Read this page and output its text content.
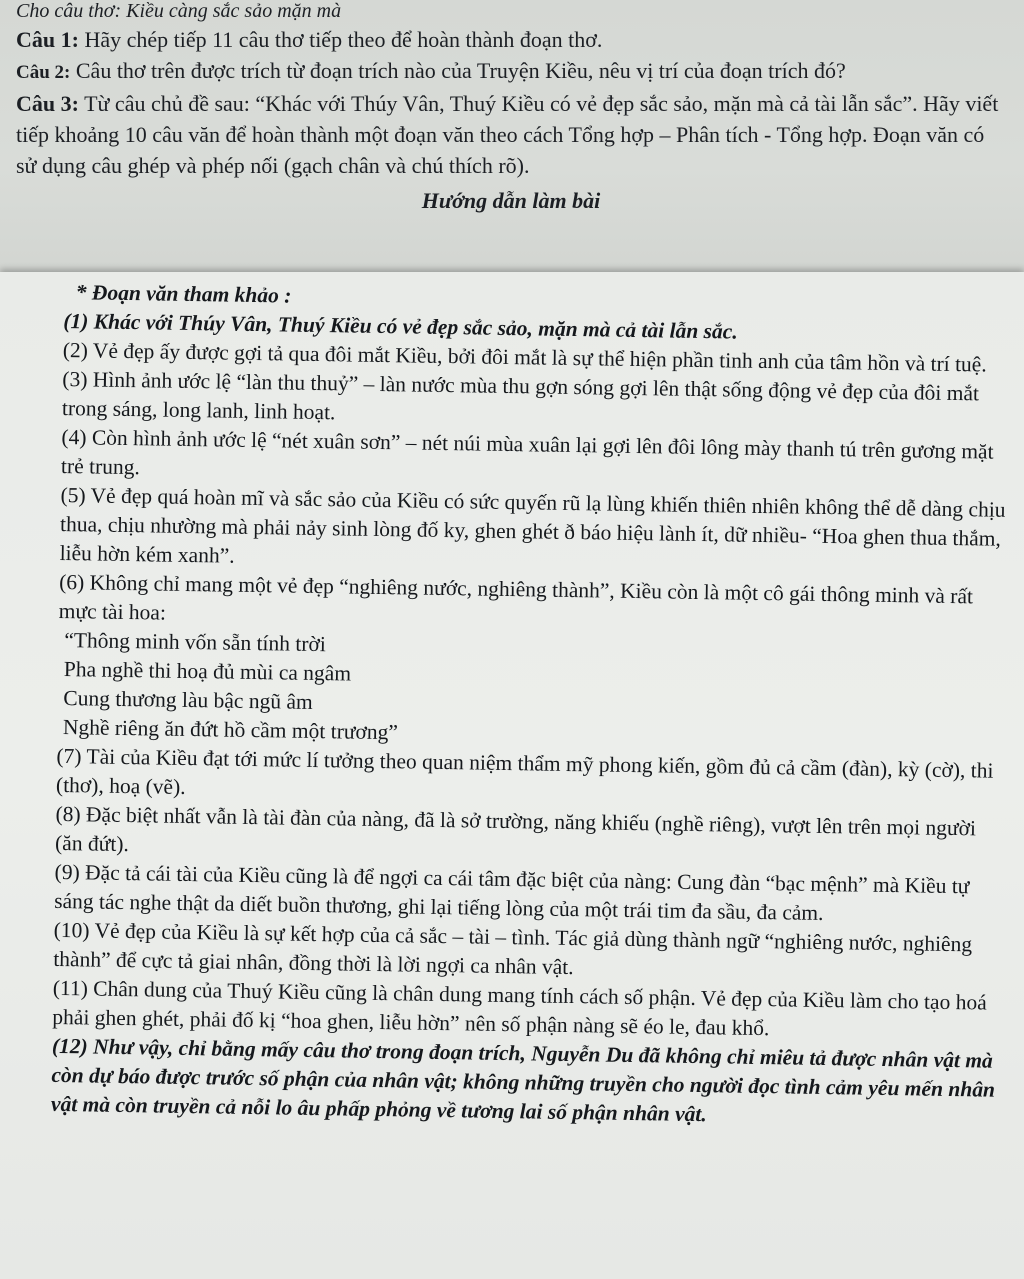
Cho câu thơ: Kiều càng sắc sảo mặn mà

Câu 1: Hãy chép tiếp 11 câu thơ tiếp theo để hoàn thành đoạn thơ.

Câu 2: Câu thơ trên được trích từ đoạn trích nào của Truyện Kiều, nêu vị trí của đoạn trích đó?

Câu 3: Từ câu chủ đề sau: “Khác với Thúy Vân, Thuý Kiều có vẻ đẹp sắc sảo, mặn mà cả tài lẫn sắc”. Hãy viết tiếp khoảng 10 câu văn để hoàn thành một đoạn văn theo cách Tổng hợp – Phân tích - Tổng hợp. Đoạn văn có sử dụng câu ghép và phép nối (gạch chân và chú thích rõ).

Hướng dẫn làm bài

* Đoạn văn tham khảo :

(1) Khác với Thúy Vân, Thuý Kiều có vẻ đẹp sắc sảo, mặn mà cả tài lẫn sắc.

(2) Vẻ đẹp ấy được gợi tả qua đôi mắt Kiều, bởi đôi mắt là sự thể hiện phần tinh anh của tâm hồn và trí tuệ.

(3) Hình ảnh ước lệ “làn thu thuỷ” – làn nước mùa thu gợn sóng gợi lên thật sống động vẻ đẹp của đôi mắt trong sáng, long lanh, linh hoạt.

(4) Còn hình ảnh ước lệ “nét xuân sơn” – nét núi mùa xuân lại gợi lên đôi lông mày thanh tú trên gương mặt trẻ trung.

(5) Vẻ đẹp quá hoàn mĩ và sắc sảo của Kiều có sức quyến rũ lạ lùng khiến thiên nhiên không thể dễ dàng chịu thua, chịu nhường mà phải nảy sinh lòng đố ky, ghen ghét ð báo hiệu lành ít, dữ nhiều- “Hoa ghen thua thắm, liễu hờn kém xanh”.

(6) Không chỉ mang một vẻ đẹp “nghiêng nước, nghiêng thành”, Kiều còn là một cô gái thông minh và rất mực tài hoa:

“Thông minh vốn sẵn tính trời

Pha nghề thi hoạ đủ mùi ca ngâm

Cung thương làu bậc ngũ âm

Nghề riêng ăn đứt hồ cầm một trương”

(7) Tài của Kiều đạt tới mức lí tưởng theo quan niệm thẩm mỹ phong kiến, gồm đủ cả cầm (đàn), kỳ (cờ), thi (thơ), hoạ (vẽ).

(8) Đặc biệt nhất vẫn là tài đàn của nàng, đã là sở trường, năng khiếu (nghề riêng), vượt lên trên mọi người (ăn đứt).

(9) Đặc tả cái tài của Kiều cũng là để ngợi ca cái tâm đặc biệt của nàng: Cung đàn “bạc mệnh” mà Kiều tự sáng tác nghe thật da diết buồn thương, ghi lại tiếng lòng của một trái tim đa sầu, đa cảm.

(10) Vẻ đẹp của Kiều là sự kết hợp của cả sắc – tài – tình. Tác giả dùng thành ngữ “nghiêng nước, nghiêng thành” để cực tả giai nhân, đồng thời là lời ngợi ca nhân vật.

(11) Chân dung của Thuý Kiều cũng là chân dung mang tính cách số phận. Vẻ đẹp của Kiều làm cho tạo hoá phải ghen ghét, phải đố kị “hoa ghen, liễu hờn” nên số phận nàng sẽ éo le, đau khổ.

(12) Như vậy, chỉ bằng mấy câu thơ trong đoạn trích, Nguyễn Du đã không chỉ miêu tả được nhân vật mà còn dự báo được trước số phận của nhân vật; không những truyền cho người đọc tình cảm yêu mến nhân vật mà còn truyền cả nỗi lo âu phấp phỏng về tương lai số phận nhân vật.
